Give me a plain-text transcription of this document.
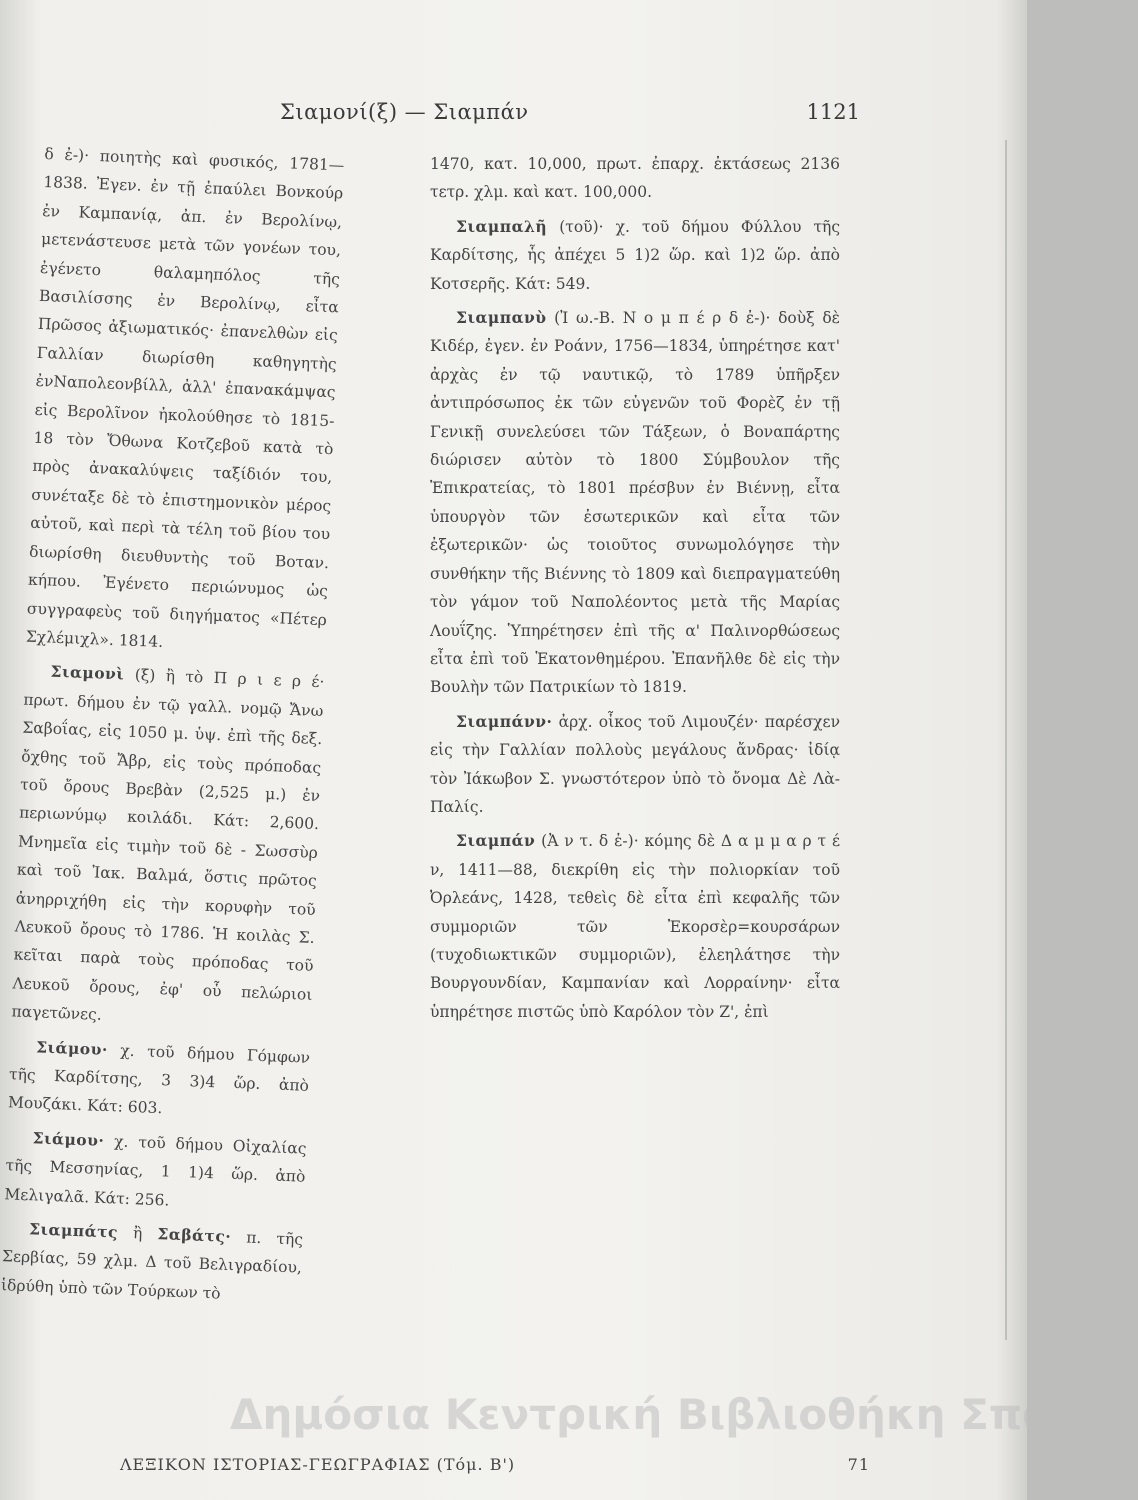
Σιαμονί(ξ) — Σιαμπάν	1121

δ ἐ-)· ποιητὴς καὶ φυσικός, 1781—1838. Ἐγεν. ἐν τῇ ἐπαύλει Βονκούρ ἐν Καμπανίᾳ, ἀπ. ἐν Βερολίνῳ, μετενάστευσε μετὰ τῶν γονέων του, ἐγένετο θαλαμηπόλος τῆς Βασιλίσσης ἐν Βερολίνῳ, εἶτα Πρῶσος ἀξιωματικός· ἐπανελθὼν εἰς Γαλλίαν διωρίσθη καθηγητὴς ἐνΝαπολεονβίλλ, ἀλλ' ἐπανακάμψας εἰς Βερολῖνον ἠκολούθησε τὸ 1815-18 τὸν Ὄθωνα Κοτζεβοῦ κατὰ τὸ πρὸς ἀνακαλύψεις ταξίδιόν του, συνέταξε δὲ τὸ ἐπιστημονικὸν μέρος αὐτοῦ, καὶ περὶ τὰ τέλη τοῦ βίου του διωρίσθη διευθυντὴς τοῦ Βοταν. κήπου. Ἐγένετο περιώνυμος ὡς συγγραφεὺς τοῦ διηγήματος «Πέτερ Σχλέμιχλ». 1814.

Σιαμονὶ (ξ) ἢ τὸ Π ρ ι ε ρ έ· πρωτ. δήμου ἐν τῷ γαλλ. νομῷ Ἄνω Σαβοΐας, εἰς 1050 μ. ὑψ. ἐπὶ τῆς δεξ. ὄχθης τοῦ Ἄβρ, εἰς τοὺς πρόποδας τοῦ ὄρους Βρεβὰν (2,525 μ.) ἐν περιωνύμῳ κοιλάδι. Κάτ: 2,600. Μνημεῖα εἰς τιμὴν τοῦ δὲ - Σωσσὺρ καὶ τοῦ Ἰακ. Βαλμά, ὅστις πρῶτος ἀνηρριχήθη εἰς τὴν κορυφὴν τοῦ Λευκοῦ ὄρους τὸ 1786. Ἡ κοιλὰς Σ. κεῖται παρὰ τοὺς πρόποδας τοῦ Λευκοῦ ὄρους, ἐφ' οὗ πελώριοι παγετῶνες.

Σιάμου· χ. τοῦ δήμου Γόμφων τῆς Καρδίτσης, 3 3)4 ὥρ. ἀπὸ Μουζάκι. Κάτ: 603.

Σιάμου· χ. τοῦ δήμου Οἰχαλίας τῆς Μεσσηνίας, 1 1)4 ὥρ. ἀπὸ Μελιγαλᾶ. Κάτ: 256.

Σιαμπάτς ἢ Σαβάτς· π. τῆς Σερβίας, 59 χλμ. Δ τοῦ Βελιγραδίου, ἱδρύθη ὑπὸ τῶν Τούρκων τὸ

1470, κατ. 10,000, πρωτ. ἐπαρχ. ἐκτάσεως 2136 τετρ. χλμ. καὶ κατ. 100,000.

Σιαμπαλῆ (τοῦ)· χ. τοῦ δήμου Φύλλου τῆς Καρδίτσης, ἧς ἀπέχει 5 1)2 ὥρ. καὶ 1)2 ὥρ. ἀπὸ Κοτσερῆς. Κάτ: 549.

Σιαμπανὺ (Ἰ ω.-Β. Ν ο μ π έ ρ δ ἐ-)· δοὺξ δὲ Κιδέρ, ἐγεν. ἐν Ροάνν, 1756—1834, ὑπηρέτησε κατ' ἀρχὰς ἐν τῷ ναυτικῷ, τὸ 1789 ὑπῆρξεν ἀντιπρόσωπος ἐκ τῶν εὐγενῶν τοῦ Φορὲζ ἐν τῇ Γενικῇ συνελεύσει τῶν Τάξεων, ὁ Βοναπάρτης διώρισεν αὐτὸν τὸ 1800 Σύμβουλον τῆς Ἐπικρατείας, τὸ 1801 πρέσβυν ἐν Βιέννῃ, εἶτα ὑπουργὸν τῶν ἐσωτερικῶν καὶ εἶτα τῶν ἐξωτερικῶν· ὡς τοιοῦτος συνωμολόγησε τὴν συνθήκην τῆς Βιέννης τὸ 1809 καὶ διεπραγματεύθη τὸν γάμον τοῦ Ναπολέοντος μετὰ τῆς Μαρίας Λουΐζης. Ὑπηρέτησεν ἐπὶ τῆς α' Παλινορθώσεως εἶτα ἐπὶ τοῦ Ἑκατονθημέρου. Ἐπανῆλθε δὲ εἰς τὴν Βουλὴν τῶν Πατρικίων τὸ 1819.

Σιαμπάνν· ἀρχ. οἶκος τοῦ Λιμουζέν· παρέσχεν εἰς τὴν Γαλλίαν πολλοὺς μεγάλους ἄνδρας· ἰδίᾳ τὸν Ἰάκωβον Σ. γνωστότερον ὑπὸ τὸ ὄνομα Δὲ Λὰ-Παλίς.

Σιαμπάν (Ἀ ν τ. δ ἐ-)· κόμης δὲ Δ α μ μ α ρ τ έ ν, 1411—88, διεκρίθη εἰς τὴν πολιορκίαν τοῦ Ὀρλεάνς, 1428, τεθεὶς δὲ εἶτα ἐπὶ κεφαλῆς τῶν συμμοριῶν τῶν Ἐκορσὲρ=κουρσάρων (τυχοδιωκτικῶν συμμοριῶν), ἐλεηλάτησε τὴν Βουργουνδίαν, Καμπανίαν καὶ Λορραίνην· εἶτα ὑπηρέτησε πιστῶς ὑπὸ Καρόλον τὸν Ζ', ἐπὶ

Δημόσια Κεντρική Βιβλιοθήκη Σπάρτη
ΛΕΞΙΚΟΝ ΙΣΤΟΡΙΑΣ-ΓΕΩΓΡΑΦΙΑΣ (Τόμ. Β')	71
